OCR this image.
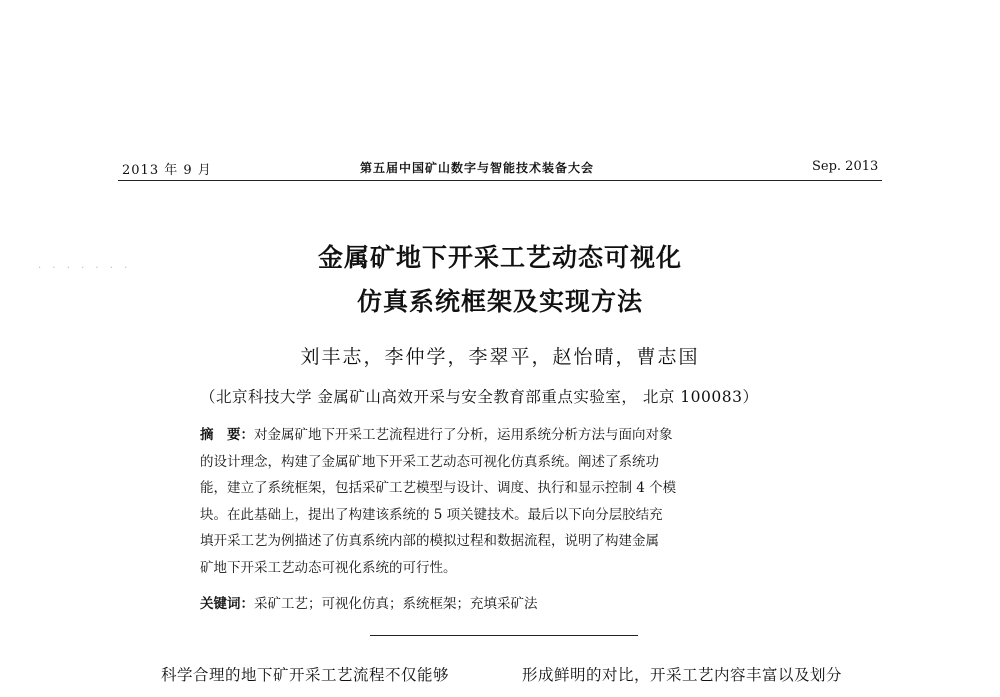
· · · · · · ·
2013 年 9 月	第五届中国矿山数字与智能技术装备大会	Sep. 2013
金属矿地下开采工艺动态可视化
仿真系统框架及实现方法
刘丰志，李仲学，李翠平，赵怡晴，曹志国
（北京科技大学 金属矿山高效开采与安全教育部重点实验室， 北京 100083）
摘　要：对金属矿地下开采工艺流程进行了分析，运用系统分析方法与面向对象
的设计理念，构建了金属矿地下开采工艺动态可视化仿真系统。阐述了系统功
能，建立了系统框架，包括采矿工艺模型与设计、调度、执行和显示控制 4 个模
块。在此基础上，提出了构建该系统的 5 项关键技术。最后以下向分层胶结充
填开采工艺为例描述了仿真系统内部的模拟过程和数据流程，说明了构建金属
矿地下开采工艺动态可视化系统的可行性。
关键词：采矿工艺；可视化仿真；系统框架；充填采矿法
科学合理的地下矿开采工艺流程不仅能够	形成鲜明的对比，开采工艺内容丰富以及划分
